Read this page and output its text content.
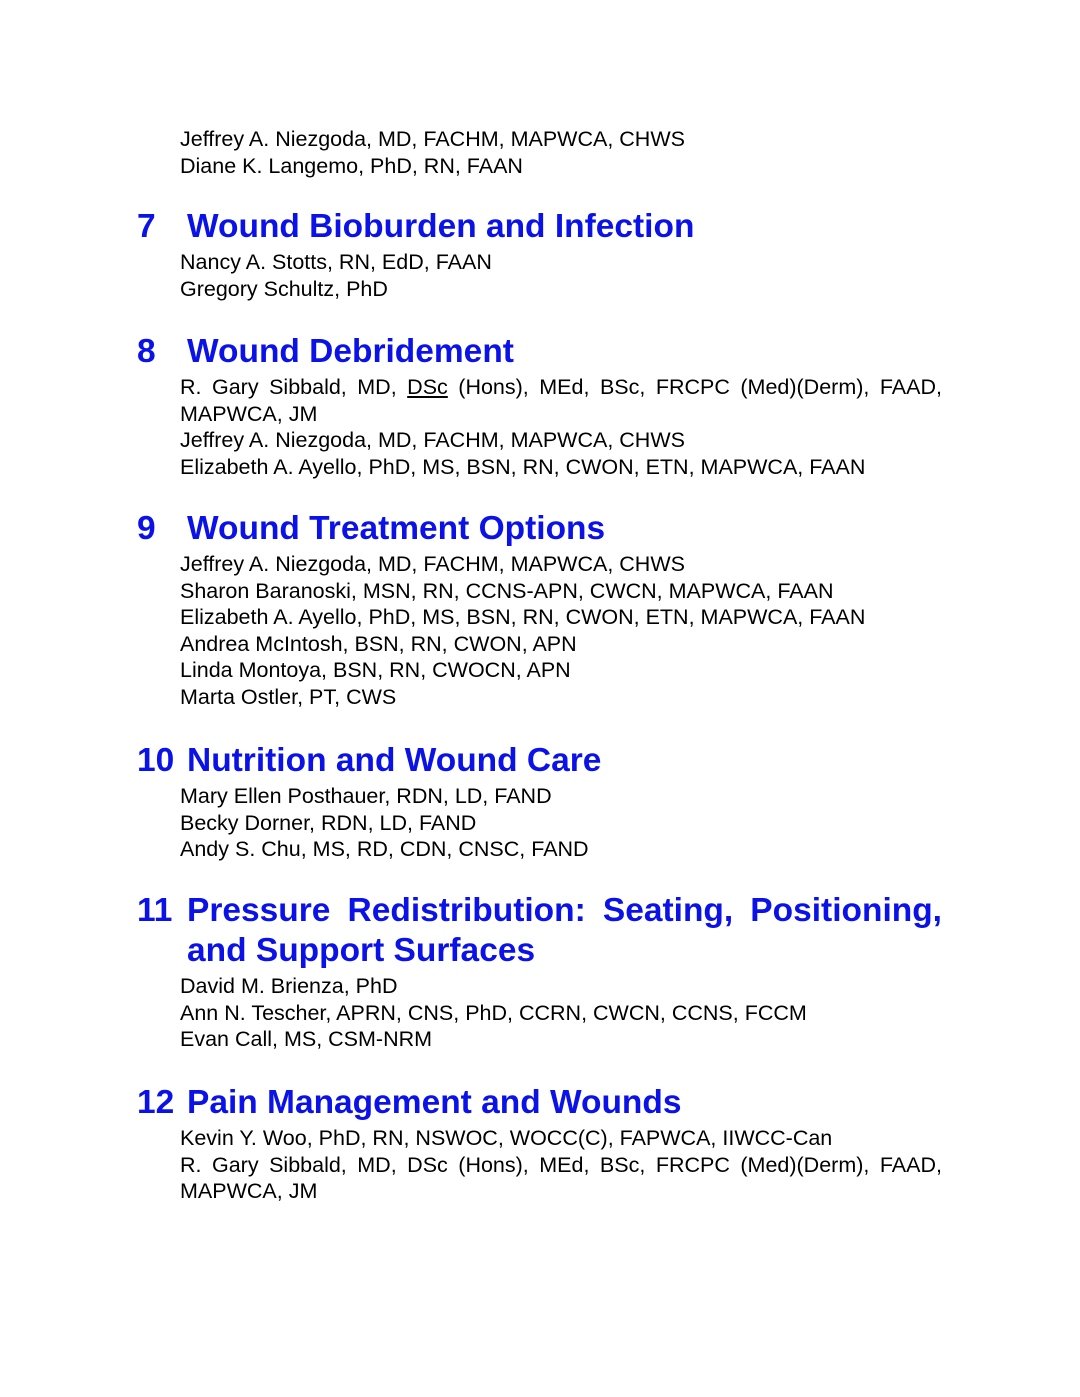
Jeffrey A. Niezgoda, MD, FACHM, MAPWCA, CHWS

Diane K. Langemo, PhD, RN, FAAN

7 Wound Bioburden and Infection

Nancy A. Stotts, RN, EdD, FAAN

Gregory Schultz, PhD

8 Wound Debridement

R. Gary Sibbald, MD, DSc (Hons), MEd, BSc, FRCPC (Med)(Derm), FAAD, MAPWCA, JM

Jeffrey A. Niezgoda, MD, FACHM, MAPWCA, CHWS

Elizabeth A. Ayello, PhD, MS, BSN, RN, CWON, ETN, MAPWCA, FAAN

9 Wound Treatment Options

Jeffrey A. Niezgoda, MD, FACHM, MAPWCA, CHWS

Sharon Baranoski, MSN, RN, CCNS-APN, CWCN, MAPWCA, FAAN

Elizabeth A. Ayello, PhD, MS, BSN, RN, CWON, ETN, MAPWCA, FAAN

Andrea McIntosh, BSN, RN, CWON, APN

Linda Montoya, BSN, RN, CWOCN, APN

Marta Ostler, PT, CWS

10 Nutrition and Wound Care

Mary Ellen Posthauer, RDN, LD, FAND

Becky Dorner, RDN, LD, FAND

Andy S. Chu, MS, RD, CDN, CNSC, FAND

11 Pressure Redistribution: Seating, Positioning,
and Support Surfaces

David M. Brienza, PhD

Ann N. Tescher, APRN, CNS, PhD, CCRN, CWCN, CCNS, FCCM

Evan Call, MS, CSM-NRM

12 Pain Management and Wounds

Kevin Y. Woo, PhD, RN, NSWOC, WOCC(C), FAPWCA, IIWCC-Can

R. Gary Sibbald, MD, DSc (Hons), MEd, BSc, FRCPC (Med)(Derm), FAAD, MAPWCA, JM
